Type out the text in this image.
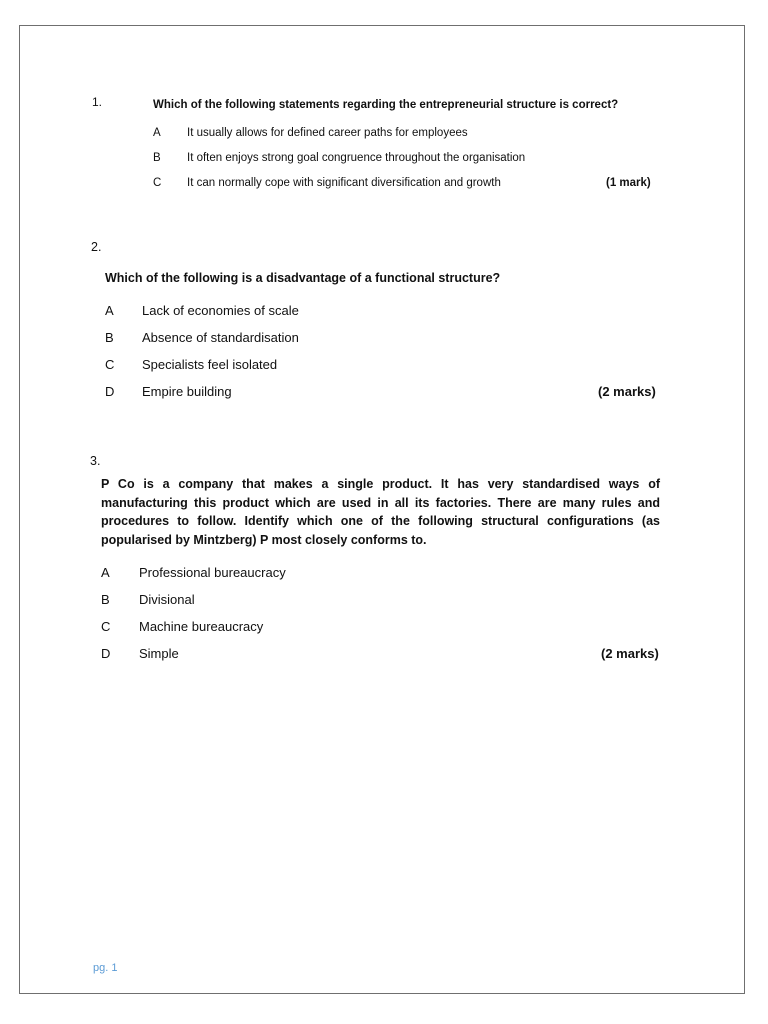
1.	Which of the following statements regarding the entrepreneurial structure is correct?
A It usually allows for defined career paths for employees
B It often enjoys strong goal congruence throughout the organisation
C It can normally cope with significant diversification and growth	(1 mark)
2.
Which of the following is a disadvantage of a functional structure?
A Lack of economies of scale
B Absence of standardisation
C Specialists feel isolated
D Empire building	(2 marks)
3.
P Co is a company that makes a single product. It has very standardised ways of manufacturing this product which are used in all its factories. There are many rules and procedures to follow. Identify which one of the following structural configurations (as popularised by Mintzberg) P most closely conforms to.
A Professional bureaucracy
B Divisional
C Machine bureaucracy
D Simple	(2 marks)
pg. 1
